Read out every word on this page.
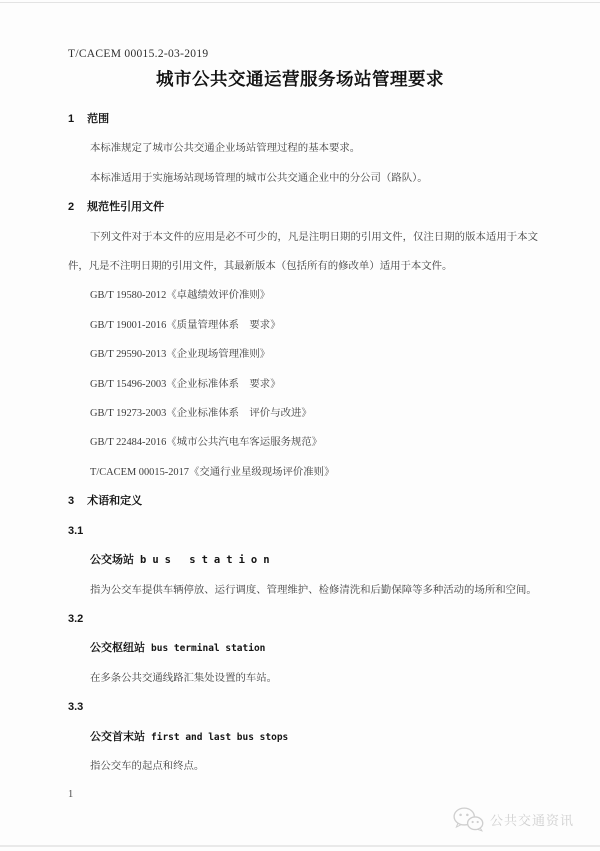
T/CACEM 00015.2-03-2019
城市公共交通运营服务场站管理要求
1 范围
本标准规定了城市公共交通企业场站管理过程的基本要求。
本标准适用于实施场站现场管理的城市公共交通企业中的分公司（路队）。
2 规范性引用文件
下列文件对于本文件的应用是必不可少的，凡是注明日期的引用文件，仅注日期的版本适用于本文件，凡是不注明日期的引用文件，其最新版本（包括所有的修改单）适用于本文件。
GB/T 19580-2012《卓越绩效评价准则》
GB/T 19001-2016《质量管理体系　要求》
GB/T 29590-2013《企业现场管理准则》
GB/T 15496-2003《企业标准体系　要求》
GB/T 19273-2003《企业标准体系　评价与改进》
GB/T 22484-2016《城市公共汽电车客运服务规范》
T/CACEM 00015-2017《交通行业星级现场评价准则》
3 术语和定义
3.1
公交场站 bus station
指为公交车提供车辆停放、运行调度、管理维护、检修清洗和后勤保障等多种活动的场所和空间。
3.2
公交枢纽站 bus terminal station
在多条公共交通线路汇集处设置的车站。
3.3
公交首末站 first and last bus stops
指公交车的起点和终点。
1
公共交通资讯
